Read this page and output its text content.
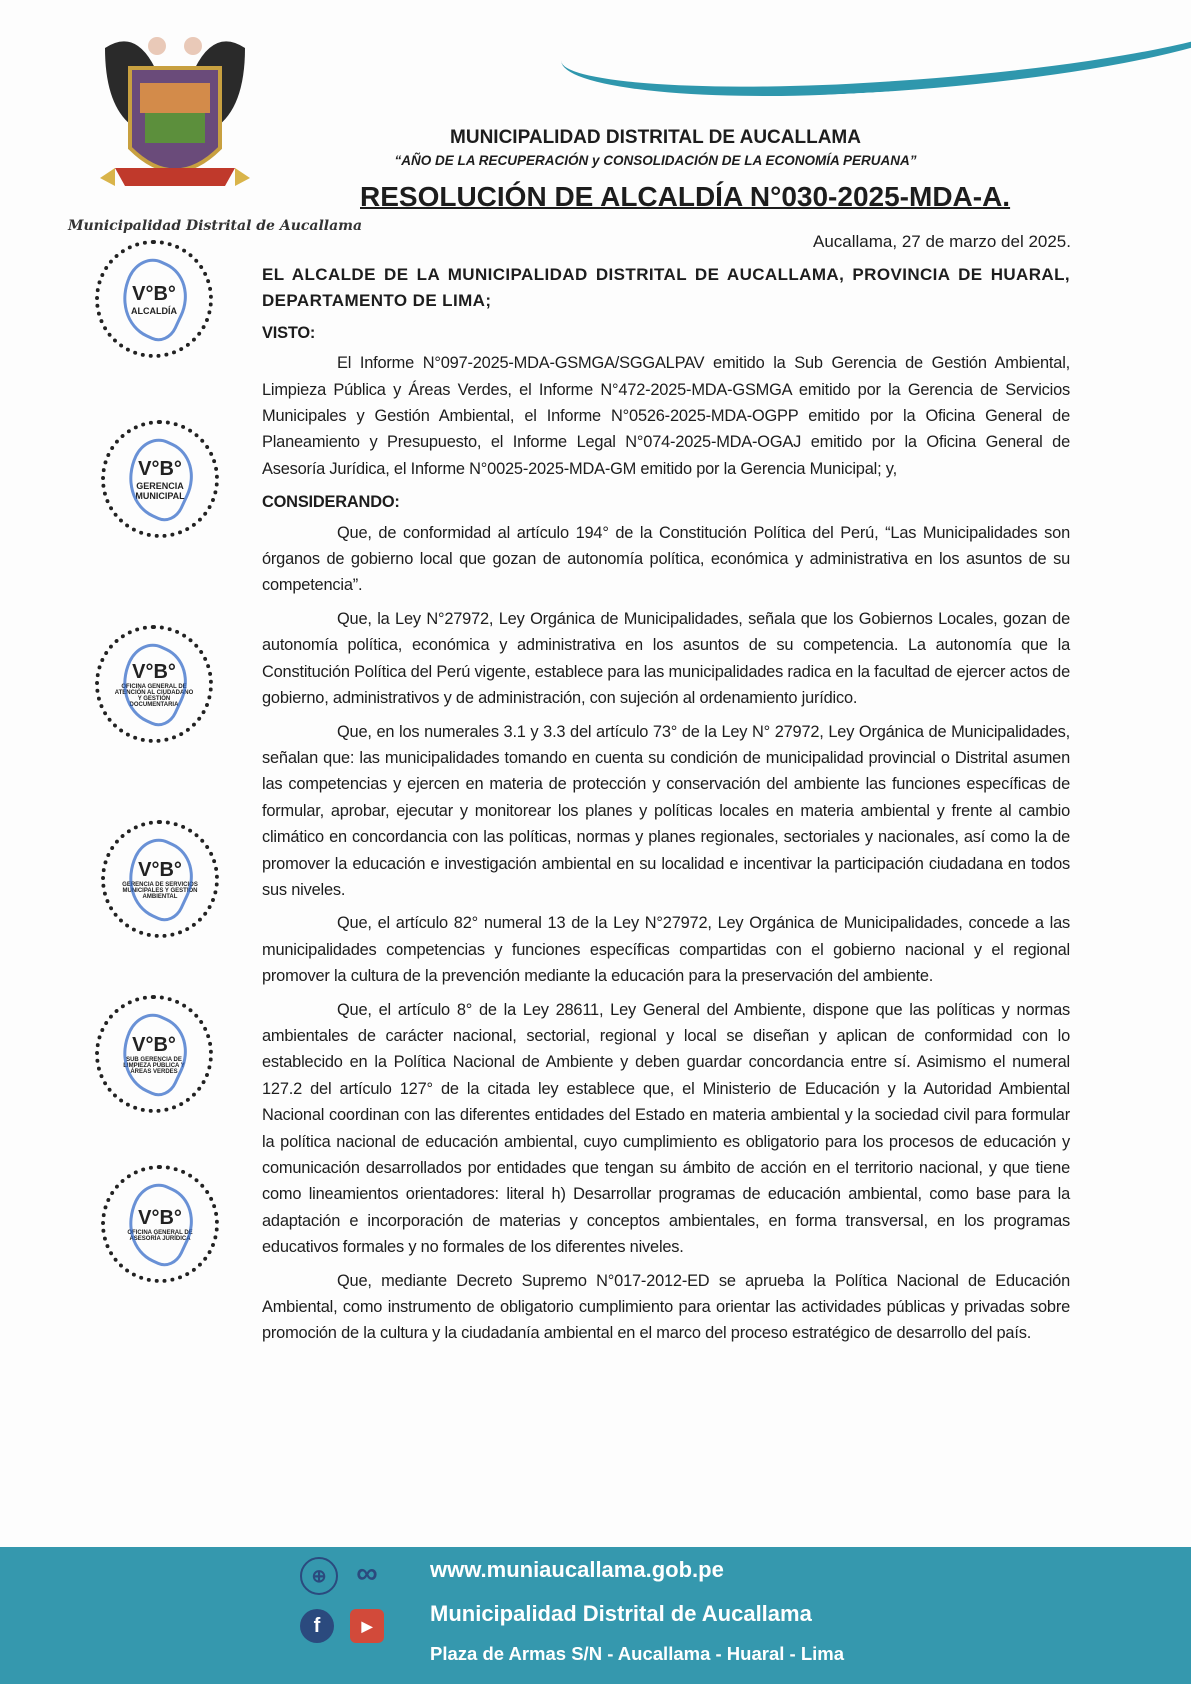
Municipalidad Distrital de Aucallama
MUNICIPALIDAD DISTRITAL DE AUCALLAMA
“AÑO DE LA RECUPERACIÓN y CONSOLIDACIÓN DE LA ECONOMÍA PERUANA”
RESOLUCIÓN DE ALCALDÍA N°030-2025-MDA-A.
Aucallama, 27 de marzo del 2025.

EL ALCALDE DE LA MUNICIPALIDAD DISTRITAL DE AUCALLAMA, PROVINCIA DE HUARAL, DEPARTAMENTO DE LIMA;

VISTO:

El Informe N°097-2025-MDA-GSMGA/SGGALPAV emitido la Sub Gerencia de Gestión Ambiental, Limpieza Pública y Áreas Verdes, el Informe N°472-2025-MDA-GSMGA emitido por la Gerencia de Servicios Municipales y Gestión Ambiental, el Informe N°0526-2025-MDA-OGPP emitido por la Oficina General de Planeamiento y Presupuesto, el Informe Legal N°074-2025-MDA-OGAJ emitido por la Oficina General de Asesoría Jurídica, el Informe N°0025-2025-MDA-GM emitido por la Gerencia Municipal; y,

CONSIDERANDO:

Que, de conformidad al artículo 194° de la Constitución Política del Perú, “Las Municipalidades son órganos de gobierno local que gozan de autonomía política, económica y administrativa en los asuntos de su competencia”.

Que, la Ley N°27972, Ley Orgánica de Municipalidades, señala que los Gobiernos Locales, gozan de autonomía política, económica y administrativa en los asuntos de su competencia. La autonomía que la Constitución Política del Perú vigente, establece para las municipalidades radica en la facultad de ejercer actos de gobierno, administrativos y de administración, con sujeción al ordenamiento jurídico.

Que, en los numerales 3.1 y 3.3 del artículo 73° de la Ley N° 27972, Ley Orgánica de Municipalidades, señalan que: las municipalidades tomando en cuenta su condición de municipalidad provincial o Distrital asumen las competencias y ejercen en materia de protección y conservación del ambiente las funciones específicas de formular, aprobar, ejecutar y monitorear los planes y políticas locales en materia ambiental y frente al cambio climático en concordancia con las políticas, normas y planes regionales, sectoriales y nacionales, así como la de promover la educación e investigación ambiental en su localidad e incentivar la participación ciudadana en todos sus niveles.

Que, el artículo 82° numeral 13 de la Ley N°27972, Ley Orgánica de Municipalidades, concede a las municipalidades competencias y funciones específicas compartidas con el gobierno nacional y el regional promover la cultura de la prevención mediante la educación para la preservación del ambiente.

Que, el artículo 8° de la Ley 28611, Ley General del Ambiente, dispone que las políticas y normas ambientales de carácter nacional, sectorial, regional y local se diseñan y aplican de conformidad con lo establecido en la Política Nacional de Ambiente y deben guardar concordancia entre sí. Asimismo el numeral 127.2 del artículo 127° de la citada ley establece que, el Ministerio de Educación y la Autoridad Ambiental Nacional coordinan con las diferentes entidades del Estado en materia ambiental y la sociedad civil para formular la política nacional de educación ambiental, cuyo cumplimiento es obligatorio para los procesos de educación y comunicación desarrollados por entidades que tengan su ámbito de acción en el territorio nacional, y que tiene como lineamientos orientadores: literal h) Desarrollar programas de educación ambiental, como base para la adaptación e incorporación de materias y conceptos ambientales, en forma transversal, en los programas educativos formales y no formales de los diferentes niveles.

Que, mediante Decreto Supremo N°017-2012-ED se aprueba la Política Nacional de Educación Ambiental, como instrumento de obligatorio cumplimiento para orientar las actividades públicas y privadas sobre promoción de la cultura y la ciudadanía ambiental en el marco del proceso estratégico de desarrollo del país.

V°B°
ALCALDÍA
V°B°
GERENCIA MUNICIPAL
V°B°
OFICINA GENERAL DE ATENCIÓN AL CIUDADANO Y GESTIÓN DOCUMENTARIA
V°B°
GERENCIA DE SERVICIOS MUNICIPALES Y GESTIÓN AMBIENTAL
V°B°
SUB GERENCIA DE LIMPIEZA PÚBLICA Y ÁREAS VERDES
V°B°
OFICINA GENERAL DE ASESORÍA JURÍDICA
⊕ ∞
f	▶
www.muniaucallama.gob.pe
Municipalidad Distrital de Aucallama
Plaza de Armas S/N - Aucallama - Huaral - Lima
